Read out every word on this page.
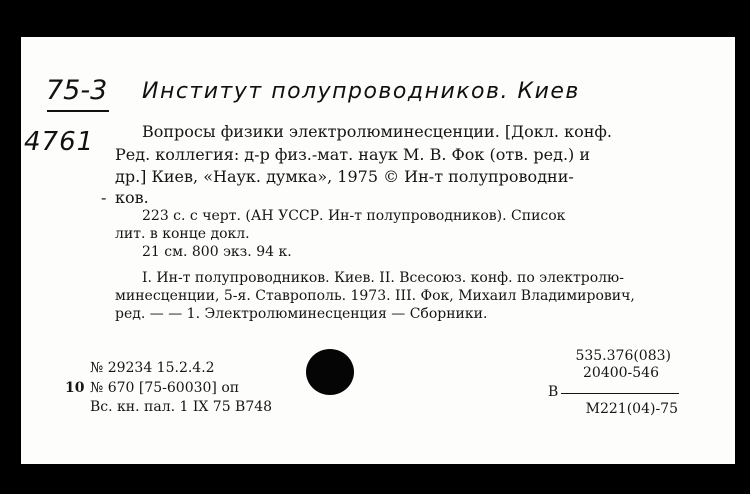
75-3
4761
Институт полупроводников. Киев
Вопросы физики электролюминесценции. [Докл. конф.
Ред. коллегия: д-р физ.-мат. наук М. В. Фок (отв. ред.) и
др.] Киев, «Наук. думка», 1975 © Ин-т полупроводни-
- ков.
223 с. с черт. (АН УССР. Ин-т полупроводников). Список
лит. в конце докл.
21 см. 800 экз. 94 к.
I. Ин-т полупроводников. Киев. II. Всесоюз. конф. по электролю-
минесценции, 5-я. Ставрополь. 1973. III. Фок, Михаил Владимирович,
ред. — — 1. Электролюминесценция — Сборники.
№ 29234 15.2.4.2
10 № 670 [75-60030] оп
Вс. кн. пал. 1 IX 75 В748
535.376(083)
20400-546
В
М221(04)-75
